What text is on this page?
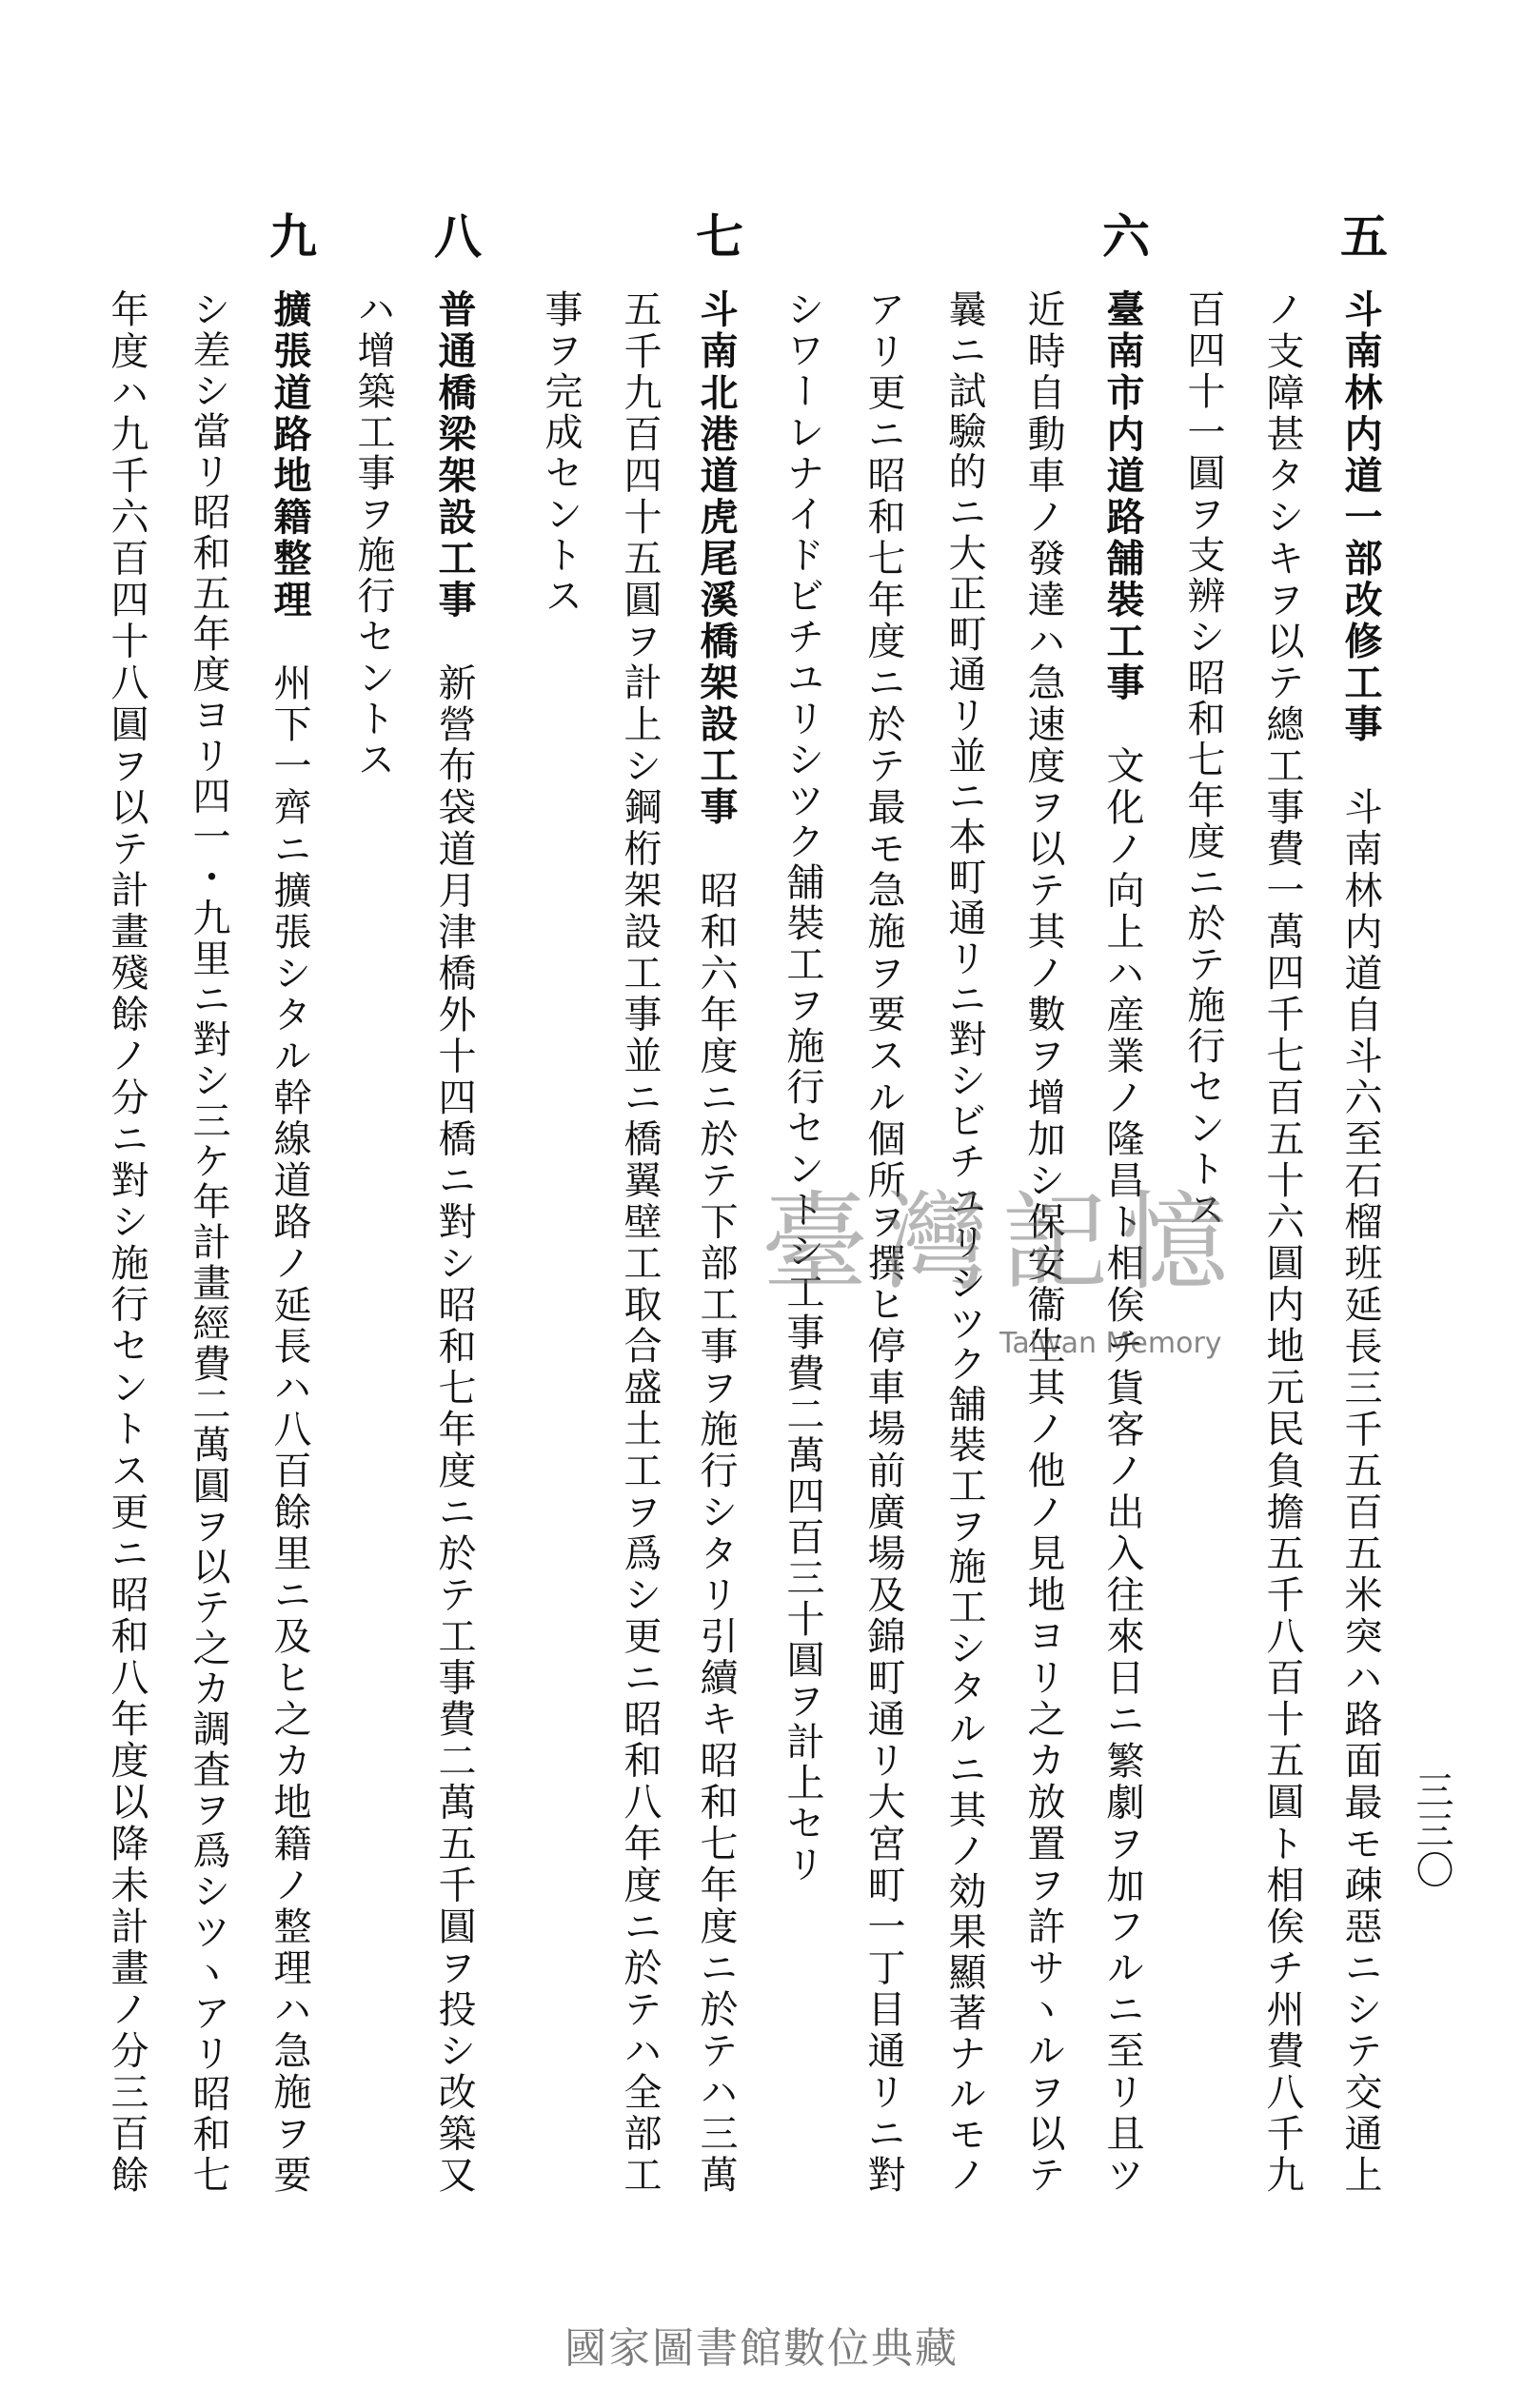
三三〇
五
斗南林内道一部改修工事斗南林内道自斗六至石榴班延長三千五百五米突ハ路面最モ疎惡ニシテ交通上
ノ支障甚タシキヲ以テ總工事費一萬四千七百五十六圓内地元民負擔五千八百十五圓ト相俟チ州費八千九
百四十一圓ヲ支辨シ昭和七年度ニ於テ施行セントス
六
臺南市内道路舗裝工事文化ノ向上ハ産業ノ隆昌ト相俟チ貨客ノ出入往來日ニ繁劇ヲ加フルニ至リ且ツ
近時自動車ノ發達ハ急速度ヲ以テ其ノ數ヲ增加シ保安衞生其ノ他ノ見地ヨリ之カ放置ヲ許サヽルヲ以テ
曩ニ試驗的ニ大正町通リ並ニ本町通リニ對シビチユリシツク舗裝工ヲ施工シタルニ其ノ効果顯著ナルモノ
アリ更ニ昭和七年度ニ於テ最モ急施ヲ要スル個所ヲ撰ヒ停車場前廣場及錦町通リ大宮町一丁目通リニ對
シワーレナイドビチユリシツク舗裝工ヲ施行セントシ工事費二萬四百三十圓ヲ計上セリ
七
斗南北港道虎尾溪橋架設工事昭和六年度ニ於テ下部工事ヲ施行シタリ引續キ昭和七年度ニ於テハ三萬
五千九百四十五圓ヲ計上シ鋼桁架設工事並ニ橋翼壁工取合盛土工ヲ爲シ更ニ昭和八年度ニ於テハ全部工
事ヲ完成セントス
八
普通橋梁架設工事新營布袋道月津橋外十四橋ニ對シ昭和七年度ニ於テ工事費二萬五千圓ヲ投シ改築又
ハ增築工事ヲ施行セントス
九
擴張道路地籍整理州下一齊ニ擴張シタル幹線道路ノ延長ハ八百餘里ニ及ヒ之カ地籍ノ整理ハ急施ヲ要
シ差シ當リ昭和五年度ヨリ四一・九里ニ對シ三ケ年計畫經費二萬圓ヲ以テ之カ調査ヲ爲シツヽアリ昭和七
年度ハ九千六百四十八圓ヲ以テ計畫殘餘ノ分ニ對シ施行セントス更ニ昭和八年度以降未計畫ノ分三百餘	臺灣記憶
Taiwan Memory
國家圖書館數位典藏
